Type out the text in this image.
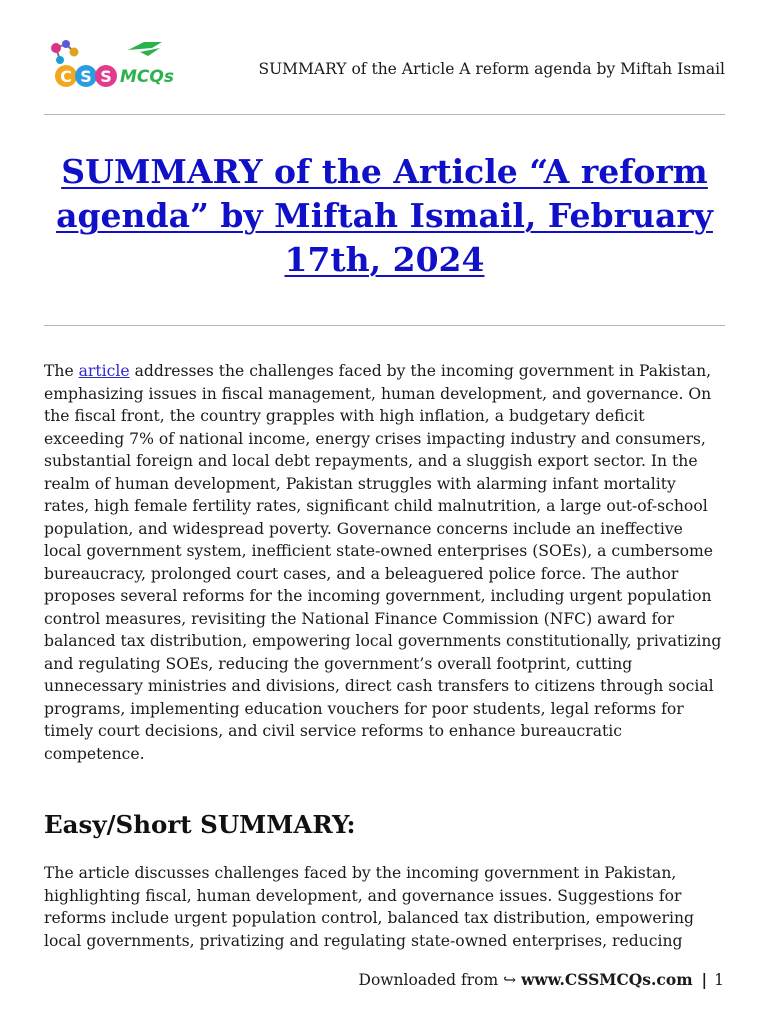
C S S MCQs	SUMMARY of the Article A reform agenda by Miftah Ismail
SUMMARY of the Article “A reform agenda” by Miftah Ismail, February 17th, 2024

The article addresses the challenges faced by the incoming government in Pakistan, emphasizing issues in fiscal management, human development, and governance. On the fiscal front, the country grapples with high inflation, a budgetary deficit exceeding 7% of national income, energy crises impacting industry and consumers, substantial foreign and local debt repayments, and a sluggish export sector. In the realm of human development, Pakistan struggles with alarming infant mortality rates, high female fertility rates, significant child malnutrition, a large out-of-school population, and widespread poverty. Governance concerns include an ineffective local government system, inefficient state-owned enterprises (SOEs), a cumbersome bureaucracy, prolonged court cases, and a beleaguered police force. The author proposes several reforms for the incoming government, including urgent population control measures, revisiting the National Finance Commission (NFC) award for balanced tax distribution, empowering local governments constitutionally, privatizing and regulating SOEs, reducing the government’s overall footprint, cutting unnecessary ministries and divisions, direct cash transfers to citizens through social programs, implementing education vouchers for poor students, legal reforms for timely court decisions, and civil service reforms to enhance bureaucratic competence.

Easy/Short SUMMARY:

The article discusses challenges faced by the incoming government in Pakistan, highlighting fiscal, human development, and governance issues. Suggestions for reforms include urgent population control, balanced tax distribution, empowering local governments, privatizing and regulating state-owned enterprises, reducing

Downloaded from ↪ www.CSSMCQs.com | 1
